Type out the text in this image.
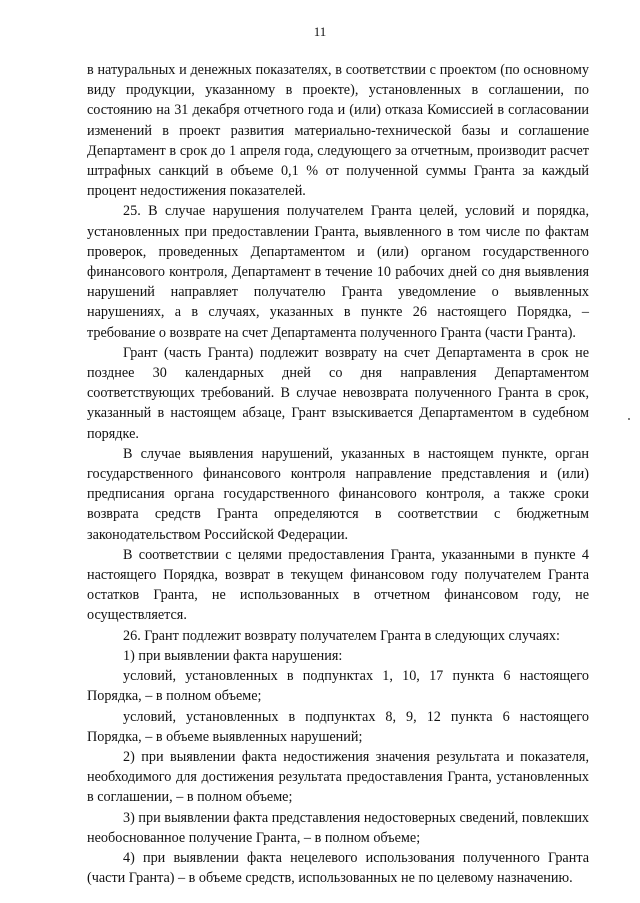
11

в натуральных и денежных показателях, в соответствии с проектом (по основному виду продукции, указанному в проекте), установленных в соглашении, по состоянию на 31 декабря отчетного года и (или) отказа Комиссией в согласовании изменений в проект развития материально-технической базы и соглашение Департамент в срок до 1 апреля года, следующего за отчетным, производит расчет штрафных санкций в объеме 0,1 % от полученной суммы Гранта за каждый процент недостижения показателей.

25. В случае нарушения получателем Гранта целей, условий и порядка, установленных при предоставлении Гранта, выявленного в том числе по фактам проверок, проведенных Департаментом и (или) органом государственного финансового контроля, Департамент в течение 10 рабочих дней со дня выявления нарушений направляет получателю Гранта уведомление о выявленных нарушениях, а в случаях, указанных в пункте 26 настоящего Порядка, – требование о возврате на счет Департамента полученного Гранта (части Гранта).

Грант (часть Гранта) подлежит возврату на счет Департамента в срок не позднее 30 календарных дней со дня направления Департаментом соответствующих требований. В случае невозврата полученного Гранта в срок, указанный в настоящем абзаце, Грант взыскивается Департаментом в судебном порядке.

В случае выявления нарушений, указанных в настоящем пункте, орган государственного финансового контроля направление представления и (или) предписания органа государственного финансового контроля, а также сроки возврата средств Гранта определяются в соответствии с бюджетным законодательством Российской Федерации.

В соответствии с целями предоставления Гранта, указанными в пункте 4 настоящего Порядка, возврат в текущем финансовом году получателем Гранта остатков Гранта, не использованных в отчетном финансовом году, не осуществляется.

26. Грант подлежит возврату получателем Гранта в следующих случаях:

1) при выявлении факта нарушения:

условий, установленных в подпунктах 1, 10, 17 пункта 6 настоящего Порядка, – в полном объеме;

условий, установленных в подпунктах 8, 9, 12 пункта 6 настоящего Порядка, – в объеме выявленных нарушений;

2) при выявлении факта недостижения значения результата и показателя, необходимого для достижения результата предоставления Гранта, установленных в соглашении, – в полном объеме;

3) при выявлении факта представления недостоверных сведений, повлекших необоснованное получение Гранта, – в полном объеме;

4) при выявлении факта нецелевого использования полученного Гранта (части Гранта) – в объеме средств, использованных не по целевому назначению.
